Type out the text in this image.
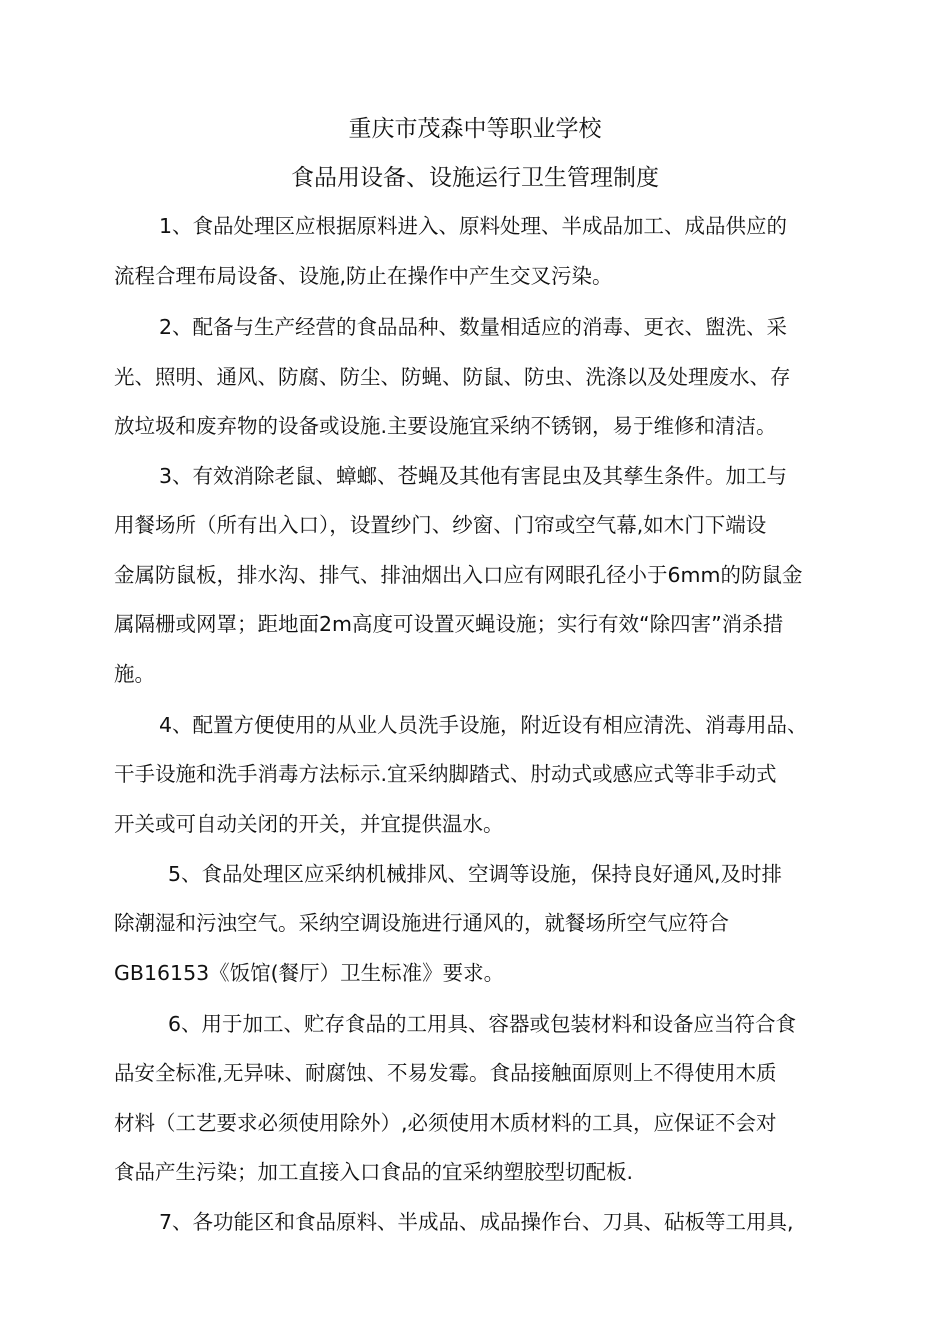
重庆市茂森中等职业学校
食品用设备、设施运行卫生管理制度
1、食品处理区应根据原料进入、原料处理、半成品加工、成品供应的
流程合理布局设备、设施,防止在操作中产生交叉污染。
2、配备与生产经营的食品品种、数量相适应的消毒、更衣、盥洗、采
光、照明、通风、防腐、防尘、防蝇、防鼠、防虫、洗涤以及处理废水、存
放垃圾和废弃物的设备或设施.主要设施宜采纳不锈钢，易于维修和清洁。
3、有效消除老鼠、蟑螂、苍蝇及其他有害昆虫及其孳生条件。加工与
用餐场所（所有出入口），设置纱门、纱窗、门帘或空气幕,如木门下端设
金属防鼠板，排水沟、排气、排油烟出入口应有网眼孔径小于6mm的防鼠金
属隔栅或网罩；距地面2m高度可设置灭蝇设施；实行有效“除四害”消杀措
施。
4、配置方便使用的从业人员洗手设施，附近设有相应清洗、消毒用品、
干手设施和洗手消毒方法标示.宜采纳脚踏式、肘动式或感应式等非手动式
开关或可自动关闭的开关，并宜提供温水。
5、食品处理区应采纳机械排风、空调等设施，保持良好通风,及时排
除潮湿和污浊空气。采纳空调设施进行通风的，就餐场所空气应符合
GB16153《饭馆(餐厅）卫生标准》要求。
6、用于加工、贮存食品的工用具、容器或包装材料和设备应当符合食
品安全标准,无异味、耐腐蚀、不易发霉。食品接触面原则上不得使用木质
材料（工艺要求必须使用除外）,必须使用木质材料的工具，应保证不会对
食品产生污染；加工直接入口食品的宜采纳塑胶型切配板.
7、各功能区和食品原料、半成品、成品操作台、刀具、砧板等工用具,
